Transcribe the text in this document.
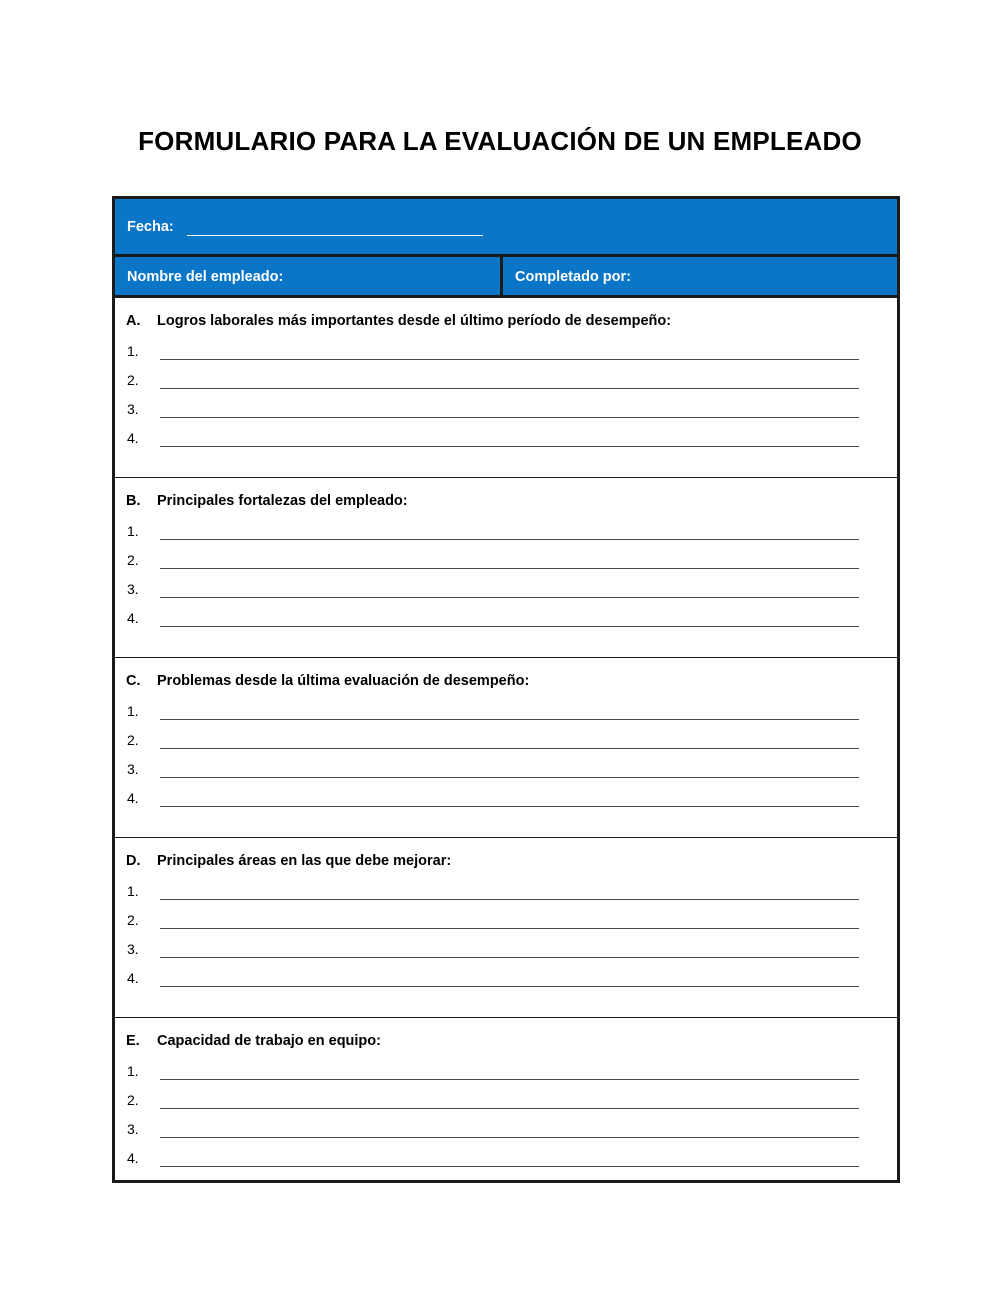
FORMULARIO PARA LA EVALUACIÓN DE UN EMPLEADO
Fecha:
Nombre del empleado:	Completado por:
A.	Logros laborales más importantes desde el último período de desempeño:
1.
2.
3.
4.
B.	Principales fortalezas del empleado:
1.
2.
3.
4.
C.	Problemas desde la última evaluación de desempeño:
1.
2.
3.
4.
D.	Principales áreas en las que debe mejorar:
1.
2.
3.
4.
E.	Capacidad de trabajo en equipo:
1.
2.
3.
4.
